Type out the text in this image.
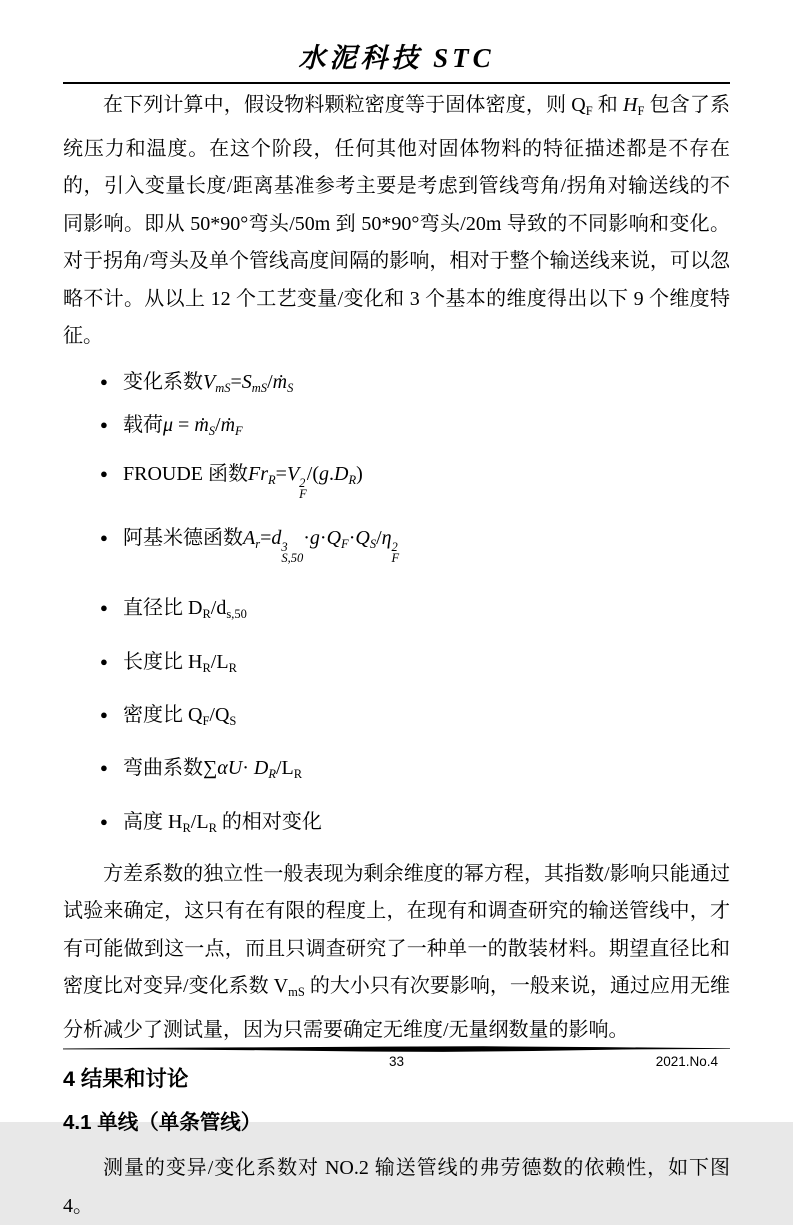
水泥科技 STC

在下列计算中，假设物料颗粒密度等于固体密度，则 $Q_F$ 和 $H_F$ 包含了系统压力和温度。在这个阶段，任何其他对固体物料的特征描述都是不存在的，引入变量长度/距离基准参考主要是考虑到管线弯角/拐角对输送线的不同影响。即从 50*90°弯头/50m 到 50*90°弯头/20m 导致的不同影响和变化。对于拐角/弯头及单个管线高度间隔的影响，相对于整个输送线来说，可以忽略不计。从以上 12 个工艺变量/变化和 3 个基本的维度得出以下 9 个维度特征。

● 变化系数$V_{mS}=S_{mS}/ṁ_S$
● 载荷μ = ṁ$_S$/ṁ$_F$
● FROUDE 函数$Fr_R=V$ 2
F
$/(g.D_R)$
● 阿基米德函数$A_r=d$ 3
S,50
$\cdot g\cdot Q_F\cdot Q_S/\eta$ 2
F
● 直径比 $D_R/d_{s,50}$
● 长度比 $H_R/L_R$
● 密度比 $Q_F/Q_S$
● 弯曲系数$\sum\alpha U\cdot D_R/L_R$
● 高度 $H_R/L_R$ 的相对变化

方差系数的独立性一般表现为剩余维度的幂方程，其指数/影响只能通过试验来确定，这只有在有限的程度上，在现有和调查研究的输送管线中，才有可能做到这一点，而且只调查研究了一种单一的散装材料。期望直径比和密度比对变异/变化系数 $V_{mS}$ 的大小只有次要影响，一般来说，通过应用无维分析减少了测试量，因为只需要确定无维度/无量纲数量的影响。

4 结果和讨论
4.1 单线（单条管线）

测量的变异/变化系数对 NO.2 输送管线的弗劳德数的依赖性，如下图 4。

33	2021.No.4
